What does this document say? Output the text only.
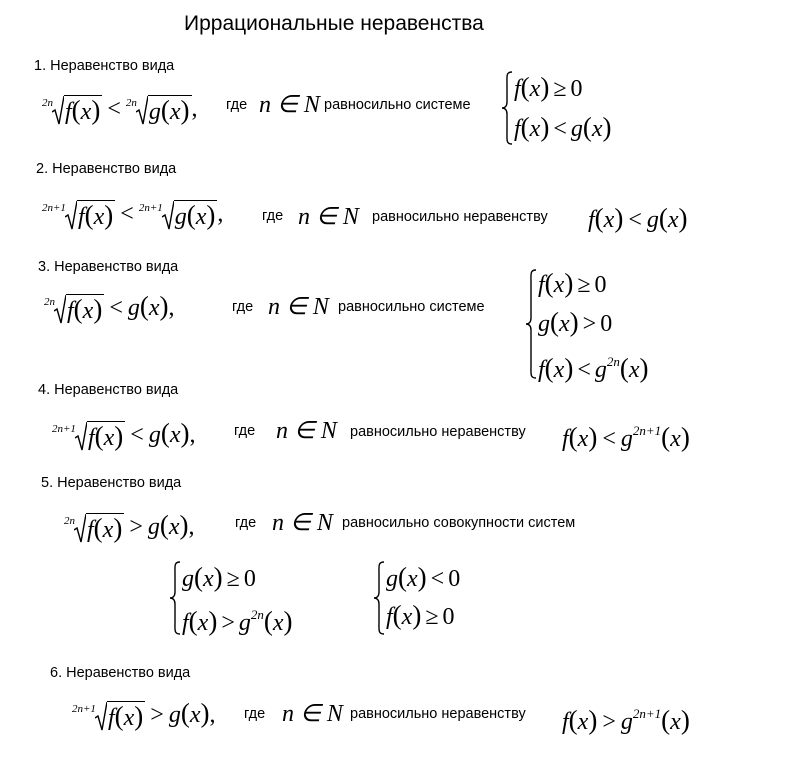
Иррациональные неравенства
1. Неравенство вида
$^{2n}$ f(x) < $^{2n}$ g(x) , где n ∈ N равносильно системе
f(x) ≥ 0
f(x) < g(x)
2. Неравенство вида
$^{2n+1}$ f(x) < $^{2n+1}$ g(x) ,	где n ∈ N равносильно неравенству f(x) < g(x)
3. Неравенство вида
$^{2n}$ f(x) < g(x),	где n ∈ N равносильно системе
f(x) ≥ 0
g(x) > 0
$f(x) < g^{2n}(x)$
4. Неравенство вида
$^{2n+1}$ f(x) < g(x),	где n ∈ N равносильно неравенству $f(x) < g^{2n+1}(x)$
5. Неравенство вида
$^{2n}$ f(x) > g(x),	где n ∈ N равносильно совокупности систем
g(x) ≥ 0
$f(x) > g^{2n}(x)$
g(x) < 0
f(x) ≥ 0
6. Неравенство вида
$^{2n+1}$ f(x) > g(x), где n ∈ N равносильно неравенству $f(x) > g^{2n+1}(x)$
